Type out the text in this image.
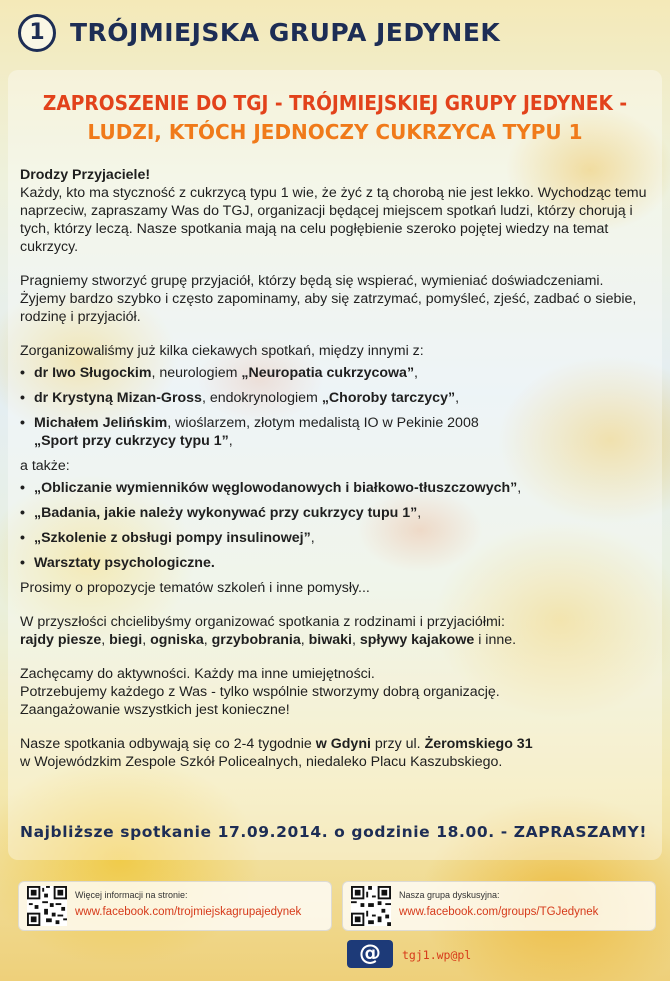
1	TRÓJMIEJSKA GRUPA JEDYNEK
ZAPROSZENIE DO TGJ - TRÓJMIEJSKIEJ GRUPY JEDYNEK -
LUDZI, KTÓCH JEDNOCZY CUKRZYCA TYPU 1

Drodzy Przyjaciele!

Każdy, kto ma styczność z cukrzycą typu 1 wie, że żyć z tą chorobą nie jest lekko. Wychodząc temu naprzeciw, zapraszamy Was do TGJ, organizacji będącej miejscem spotkań ludzi, którzy chorują i tych, którzy leczą. Nasze spotkania mają na celu pogłębienie szeroko pojętej wiedzy na temat cukrzycy.

Pragniemy stworzyć grupę przyjaciół, którzy będą się wspierać, wymieniać doświadczeniami. Żyjemy bardzo szybko i często zapominamy, aby się zatrzymać, pomyśleć, zjeść, zadbać o siebie, rodzinę i przyjaciół.

Zorganizowaliśmy już kilka ciekawych spotkań, między innymi z:

• dr Iwo Sługockim, neurologiem „Neuropatia cukrzycowa”,
• dr Krystyną Mizan-Gross, endokrynologiem „Choroby tarczycy”,
• Michałem Jelińskim, wioślarzem, złotym medalistą IO w Pekinie 2008
„Sport przy cukrzycy typu 1”,

a także:

• „Obliczanie wymienników węglowodanowych i białkowo-tłuszczowych”,
• „Badania, jakie należy wykonywać przy cukrzycy tupu 1”,
• „Szkolenie z obsługi pompy insulinowej”,
• Warsztaty psychologiczne.

Prosimy o propozycje tematów szkoleń i inne pomysły...

W przyszłości chcielibyśmy organizować spotkania z rodzinami i przyjaciółmi:

rajdy piesze, biegi, ogniska, grzybobrania, biwaki, spływy kajakowe i inne.

Zachęcamy do aktywności. Każdy ma inne umiejętności.

Potrzebujemy każdego z Was - tylko wspólnie stworzymy dobrą organizację.

Zaangażowanie wszystkich jest konieczne!

Nasze spotkania odbywają się co 2-4 tygodnie w Gdyni przy ul. Żeromskiego 31

w Wojewódzkim Zespole Szkół Policealnych, niedaleko Placu Kaszubskiego.

Najbliższe spotkanie 17.09.2014. o godzinie 18.00. - ZAPRASZAMY!
Więcej informacji na stronie:
www.facebook.com/trojmiejskagrupajedynek
Nasza grupa dyskusyjna:
www.facebook.com/groups/TGJedynek
@	tgj1.wp@pl
